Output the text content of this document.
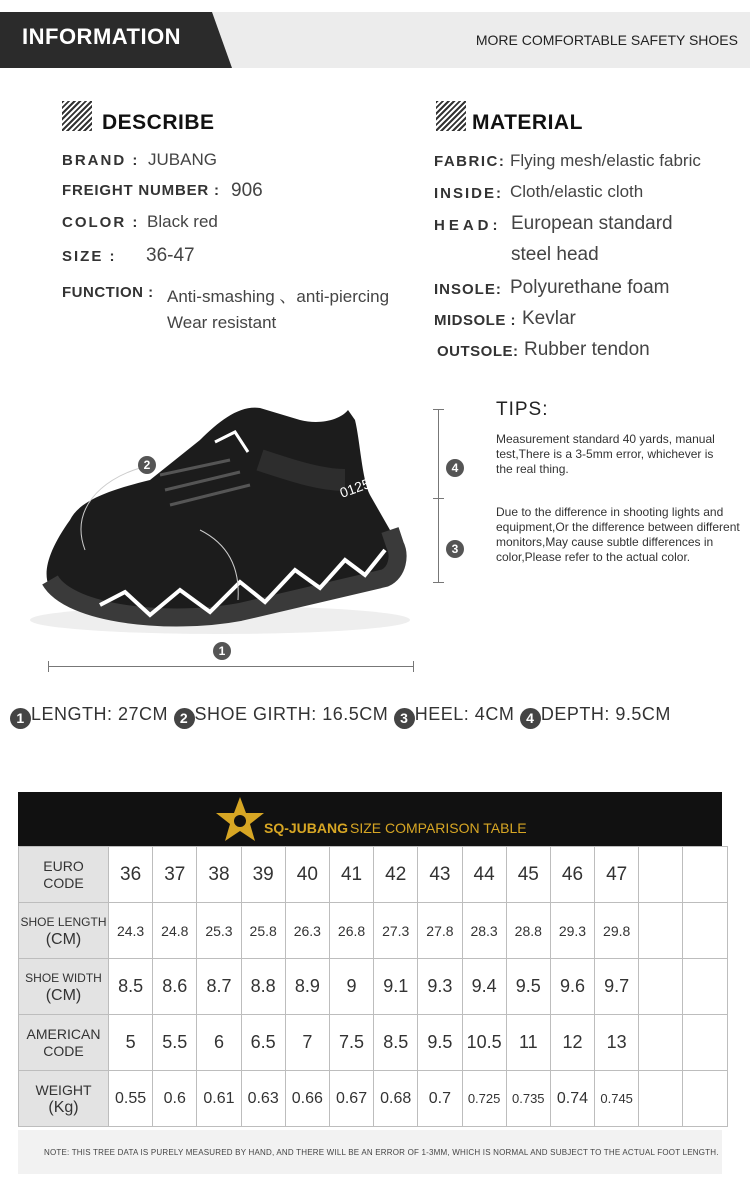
INFORMATION	MORE COMFORTABLE SAFETY SHOES
DESCRIBE
BRAND : JUBANG
FREIGHT NUMBER : 906
COLOR : Black red
SIZE : 36-47
FUNCTION : Anti-smashing 、anti-piercing
Wear resistant
MATERIAL
FABRIC: Flying mesh/elastic fabric
INSIDE: Cloth/elastic cloth
HEAD: European standard
steel head
INSOLE: Polyurethane foam
MIDSOLE : Kevlar
OUTSOLE: Rubber tendon
0125
2
1
4
3
TIPS:
Measurement standard 40 yards, manual test,There is a 3-5mm error, whichever is the real thing.
Due to the difference in shooting lights and equipment,Or the difference between different monitors,May cause subtle differences in color,Please refer to the actual color.
1 LENGTH: 27CM 2 SHOE GIRTH: 16.5CM 3 HEEL: 4CM 4 DEPTH: 9.5CM
SQ-JUBANG SIZE COMPARISON TABLE
EURO
CODE	36	37	38	39	40	41	42	43	44	45	46	47		

SHOE LENGTH
(CM)	24.3	24.8	25.3	25.8	26.3	26.8	27.3	27.8	28.3	28.8	29.3	29.8		

SHOE WIDTH
(CM)	8.5	8.6	8.7	8.8	8.9	9	9.1	9.3	9.4	9.5	9.6	9.7		

AMERICAN
CODE	5	5.5	6	6.5	7	7.5	8.5	9.5	10.5	11	12	13		

WEIGHT
(Kg)	0.55	0.6	0.61	0.63	0.66	0.67	0.68	0.7	0.725	0.735	0.74	0.745		
NOTE: THIS TREE DATA IS PURELY MEASURED BY HAND, AND THERE WILL BE AN ERROR OF 1-3MM, WHICH IS NORMAL AND SUBJECT TO THE ACTUAL FOOT LENGTH.
